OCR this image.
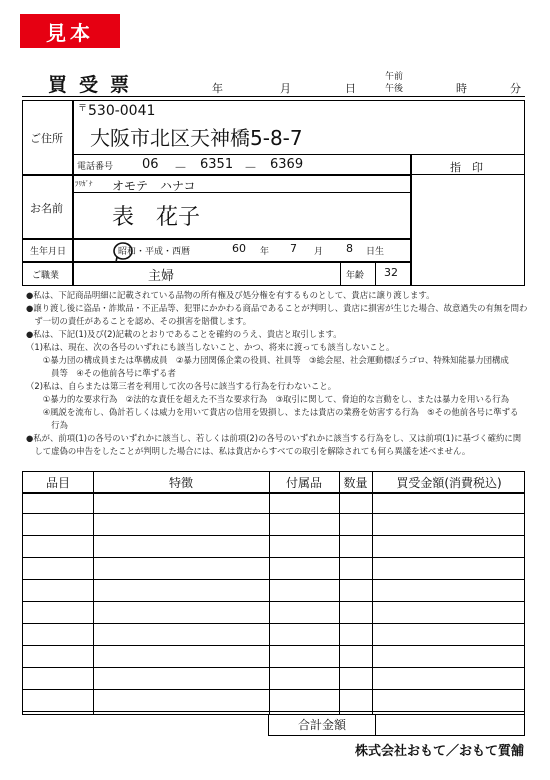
見本
買受票	年	月	日
午前
午後	時	分
ご住所
〒 530-0041
大阪市北区天神橋5-8-7
電話番号 06 － 6351 － 6369	指　印
お名前
ﾌﾘｶﾞﾅ オモテ　ハナコ
表　花子
生年月日	昭和・平成・西暦	60 年 7 月 8 日生
ご職業	主婦	年齢 32

●私は、下記商品明細に記載されている品物の所有権及び処分権を有するものとして、貴店に譲り渡します。

●譲り渡し後に盗品・詐欺品・不正品等、犯罪にかかわる商品であることが判明し、貴店に損害が生じた場合、故意過失の有無を問わ

　ず一切の責任があることを認め、その損害を賠償します。

●私は、下記(1)及び(2)記載のとおりであることを確約のうえ、貴店と取引します。

（1)私は、現在、次の各号のいずれにも該当しないこと、かつ、将来に渡っても該当しないこと。

　　①暴力団の構成員または準構成員　②暴力団関係企業の役員、社員等　③総会屋、社会運動標ぼうゴロ、特殊知能暴力団構成

　　　員等　④その他前各号に準ずる者

（2)私は、自らまたは第三者を利用して次の各号に該当する行為を行わないこと。

　　①暴力的な要求行為　②法的な責任を超えた不当な要求行為　③取引に関して、脅迫的な言動をし、または暴力を用いる行為

　　④風説を流布し、偽計若しくは威力を用いて貴店の信用を毀損し、または貴店の業務を妨害する行為　⑤その他前各号に準ずる

　　　行為

●私が、前項(1)の各号のいずれかに該当し、若しくは前項(2)の各号のいずれかに該当する行為をし、又は前項(1)に基づく確約に関

　して虚偽の申告をしたことが判明した場合には、私は貴店からすべての取引を解除されても何ら異議を述べません。

品目	特徴	付属品	数量	買受金額(消費税込)
合計金額
株式会社おもて／おもて質舗
